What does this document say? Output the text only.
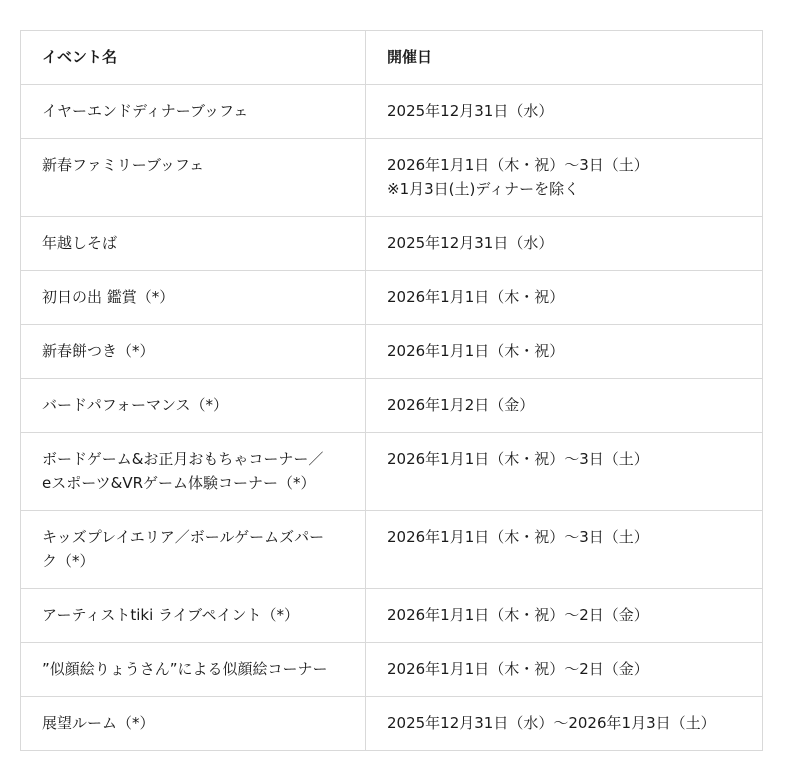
イベント名	開催日

イヤーエンドディナーブッフェ	2025年12月31日（水）

新春ファミリーブッフェ	2026年1月1日（木・祝）～3日（土）
※1月3日(土)ディナーを除く

年越しそば	2025年12月31日（水）

初日の出 鑑賞（*）	2026年1月1日（木・祝）

新春餅つき（*）	2026年1月1日（木・祝）

バードパフォーマンス（*）	2026年1月2日（金）

ボードゲーム&お正月おもちゃコーナー／
eスポーツ&VRゲーム体験コーナー（*）	2026年1月1日（木・祝）～3日（土）

キッズプレイエリア／ボールゲームズパー
ク（*）	2026年1月1日（木・祝）～3日（土）

アーティストtiki ライブペイント（*）	2026年1月1日（木・祝）～2日（金）

”似顔絵りょうさん”による似顔絵コーナー	2026年1月1日（木・祝）～2日（金）

展望ルーム（*）	2025年12月31日（水）～2026年1月3日（土）
